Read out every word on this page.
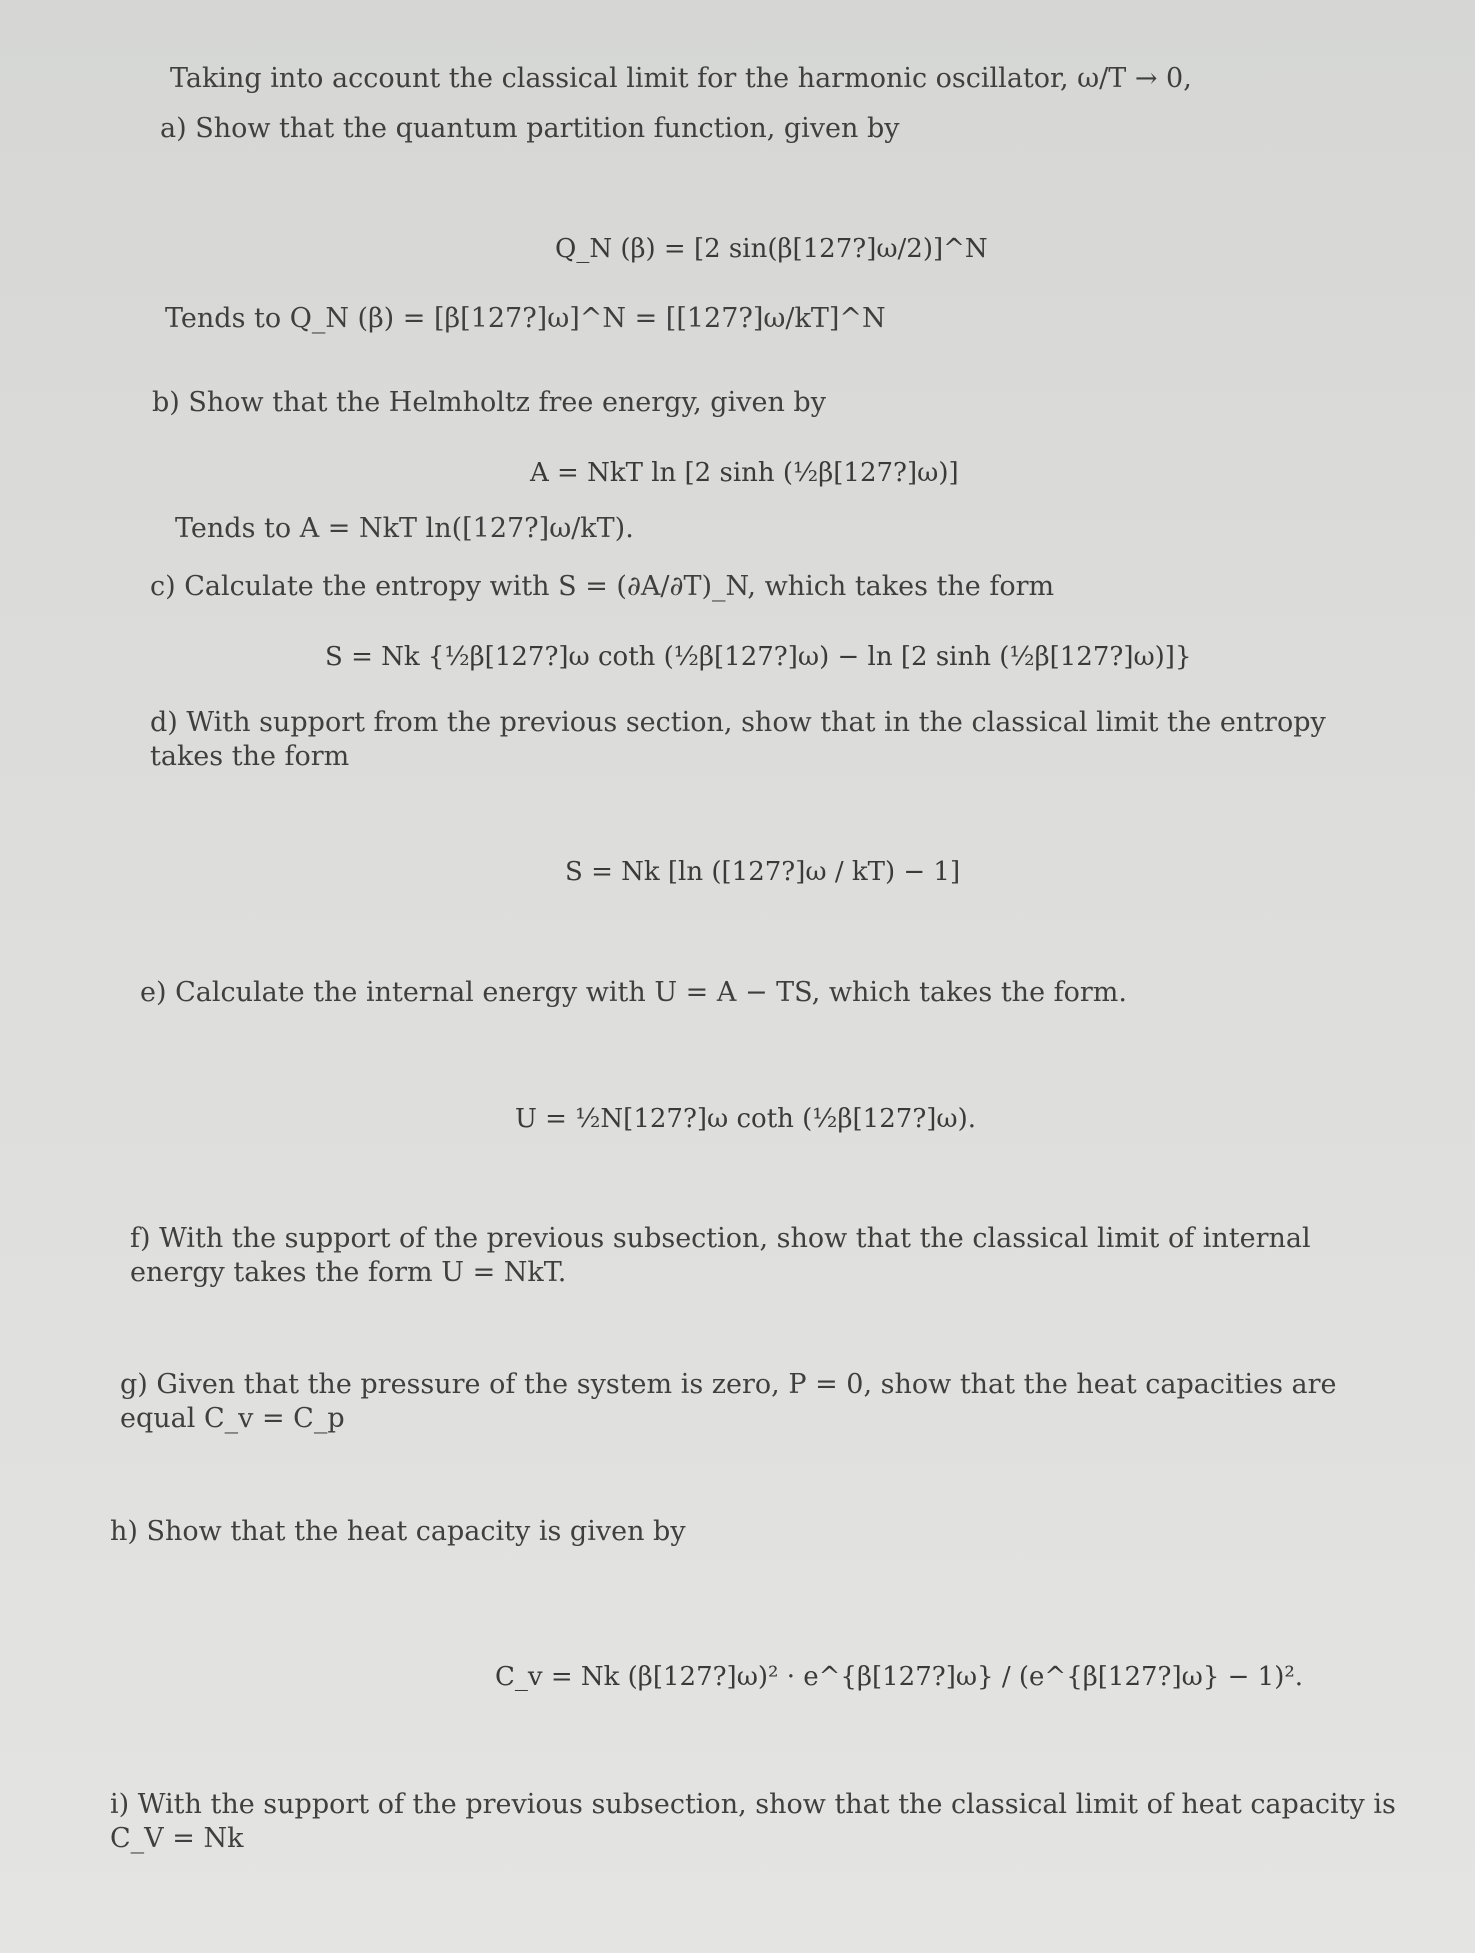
Taking into account the classical limit for the harmonic oscillator, ω/T → 0,
a) Show that the quantum partition function, given by
Q_N (β) = [2 sin(β[127?]ω/2)]^N
Tends to Q_N (β) = [β[127?]ω]^N = [[127?]ω/kT]^N
b) Show that the Helmholtz free energy, given by
A = NkT ln [2 sinh (½β[127?]ω)]
Tends to A = NkT ln([127?]ω/kT).
c) Calculate the entropy with S = (∂A/∂T)_N, which takes the form
S = Nk {½β[127?]ω coth (½β[127?]ω) − ln [2 sinh (½β[127?]ω)]}
d) With support from the previous section, show that in the classical limit the entropy takes the form
S = Nk [ln ([127?]ω / kT) − 1]
e) Calculate the internal energy with U = A − TS, which takes the form.
U = ½N[127?]ω coth (½β[127?]ω).
f) With the support of the previous subsection, show that the classical limit of internal energy takes the form U = NkT.
g) Given that the pressure of the system is zero, P = 0, show that the heat capacities are equal C_v = C_p
h) Show that the heat capacity is given by
C_v = Nk (β[127?]ω)² · e^{β[127?]ω} / (e^{β[127?]ω} − 1)².
i) With the support of the previous subsection, show that the classical limit of heat capacity is C_V = Nk
